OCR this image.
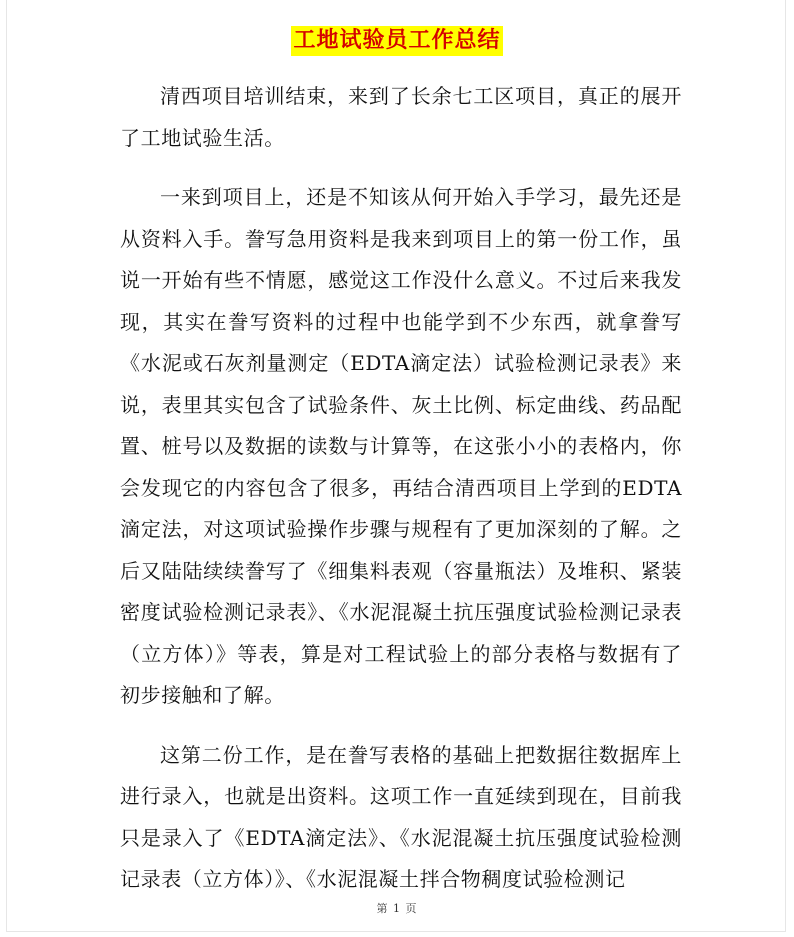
工地试验员工作总结

清西项目培训结束，来到了长余七工区项目，真正的展开了工地试验生活。

一来到项目上，还是不知该从何开始入手学习，最先还是从资料入手。誊写急用资料是我来到项目上的第一份工作，虽说一开始有些不情愿，感觉这工作没什么意义。不过后来我发现，其实在誊写资料的过程中也能学到不少东西，就拿誊写《水泥或石灰剂量测定（EDTA滴定法）试验检测记录表》来说，表里其实包含了试验条件、灰土比例、标定曲线、药品配置、桩号以及数据的读数与计算等，在这张小小的表格内，你会发现它的内容包含了很多，再结合清西项目上学到的EDTA滴定法，对这项试验操作步骤与规程有了更加深刻的了解。之后又陆陆续续誊写了《细集料表观（容量瓶法）及堆积、紧装密度试验检测记录表》、《水泥混凝土抗压强度试验检测记录表（立方体）》等表，算是对工程试验上的部分表格与数据有了初步接触和了解。

这第二份工作，是在誊写表格的基础上把数据往数据库上进行录入，也就是出资料。这项工作一直延续到现在，目前我只是录入了《EDTA滴定法》、《水泥混凝土抗压强度试验检测记录表（立方体）》、《水泥混凝土拌合物稠度试验检测记

第 1 页
